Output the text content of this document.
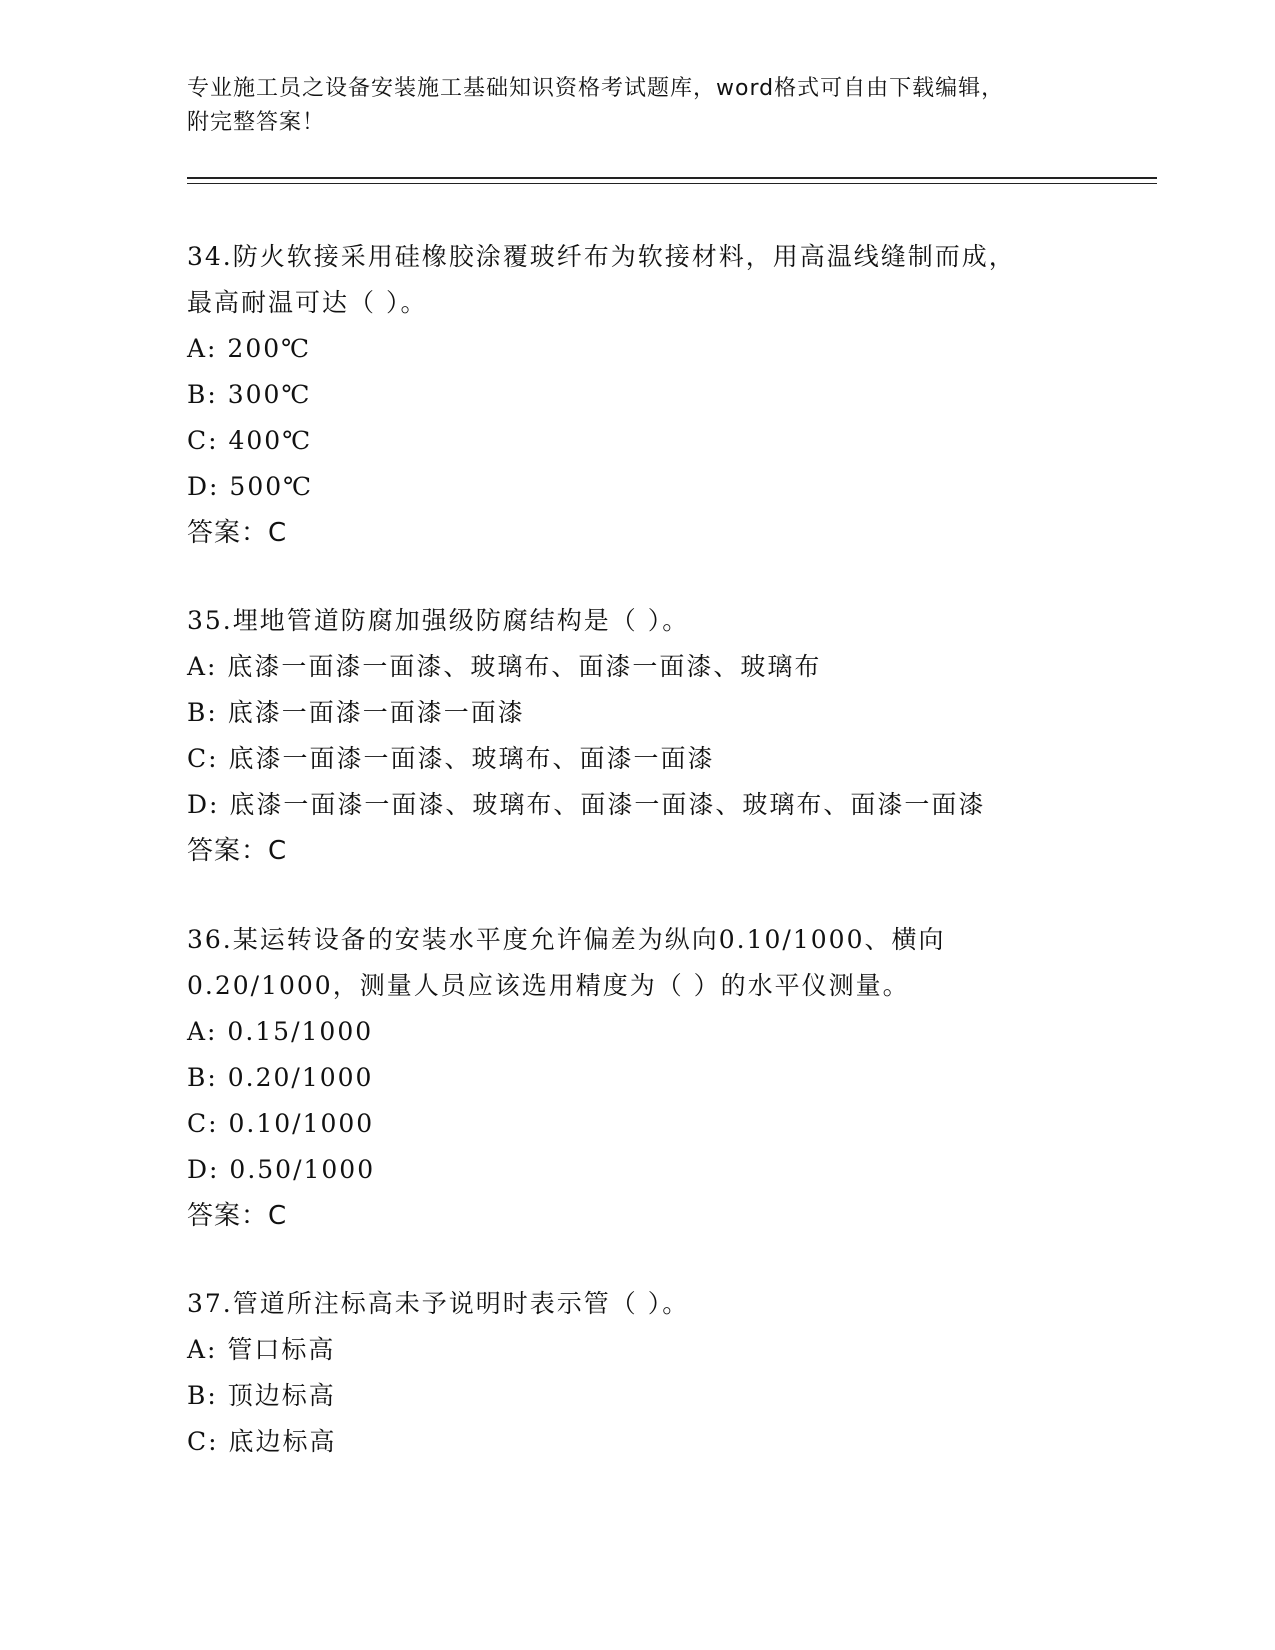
专业施工员之设备安装施工基础知识资格考试题库，word格式可自由下载编辑，
附完整答案！
34.防火软接采用硅橡胶涂覆玻纤布为软接材料，用高温线缝制而成，
最高耐温可达（ ）。
A: 200℃
B: 300℃
C: 400℃
D: 500℃
答案：C
35.埋地管道防腐加强级防腐结构是（ ）。
A: 底漆一面漆一面漆、玻璃布、面漆一面漆、玻璃布
B: 底漆一面漆一面漆一面漆
C: 底漆一面漆一面漆、玻璃布、面漆一面漆
D: 底漆一面漆一面漆、玻璃布、面漆一面漆、玻璃布、面漆一面漆
答案：C
36.某运转设备的安装水平度允许偏差为纵向0.10/1000、横向
0.20/1000，测量人员应该选用精度为（ ）的水平仪测量。
A: 0.15/1000
B: 0.20/1000
C: 0.10/1000
D: 0.50/1000
答案：C
37.管道所注标高未予说明时表示管（ ）。
A: 管口标高
B: 顶边标高
C: 底边标高
